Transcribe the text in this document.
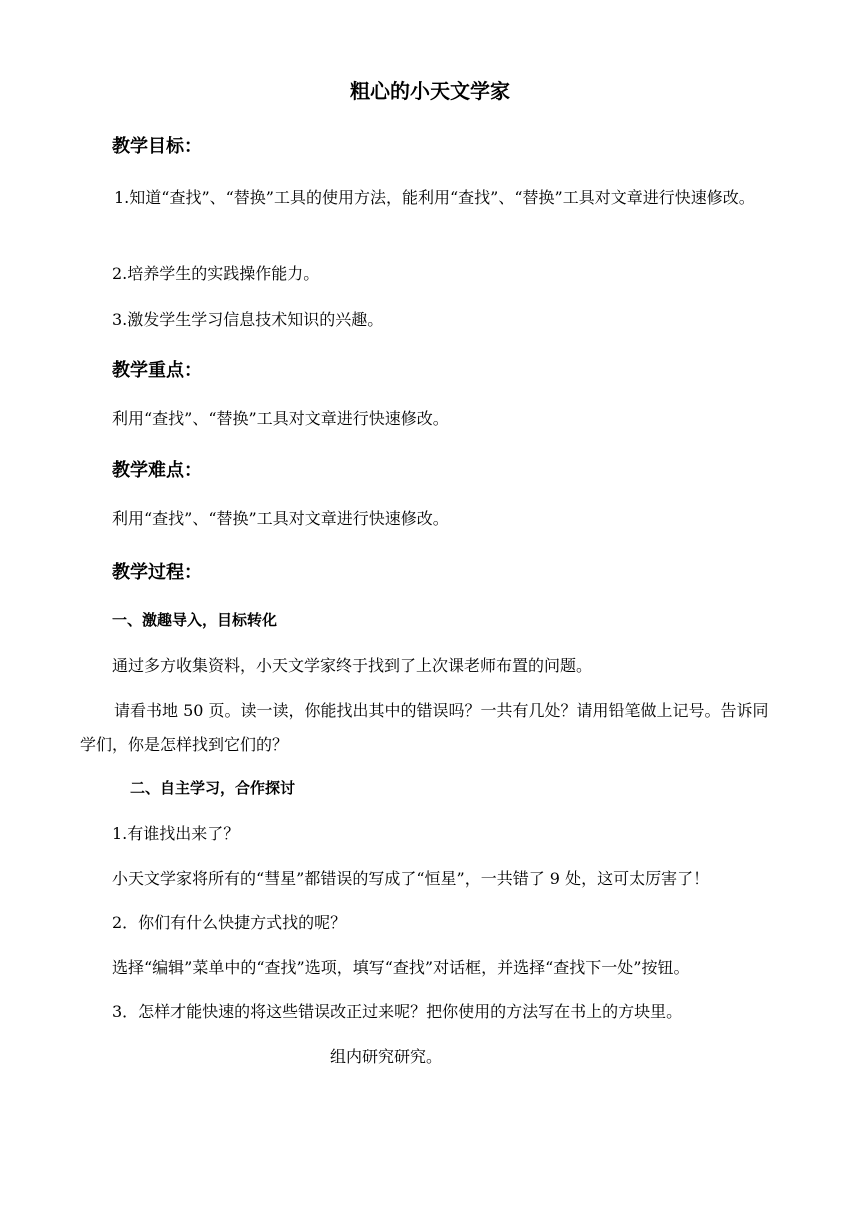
粗心的小天文学家
教学目标：
1.知道“查找”、“替换”工具的使用方法，能利用“查找”、“替换”工具对文章进行快速修改。
2.培养学生的实践操作能力。
3.激发学生学习信息技术知识的兴趣。
教学重点：
利用“查找”、“替换”工具对文章进行快速修改。
教学难点：
利用“查找”、“替换”工具对文章进行快速修改。
教学过程：
一、激趣导入，目标转化
通过多方收集资料，小天文学家终于找到了上次课老师布置的问题。
请看书地 50 页。读一读，你能找出其中的错误吗？一共有几处？请用铅笔做上记号。告诉同学们，你是怎样找到它们的？
二、自主学习，合作探讨
1.有谁找出来了？
小天文学家将所有的“彗星”都错误的写成了“恒星”，一共错了 9 处，这可太厉害了！
2．你们有什么快捷方式找的呢？
选择“编辑”菜单中的“查找”选项，填写“查找”对话框，并选择“查找下一处”按钮。
3．怎样才能快速的将这些错误改正过来呢？把你使用的方法写在书上的方块里。
组内研究研究。
